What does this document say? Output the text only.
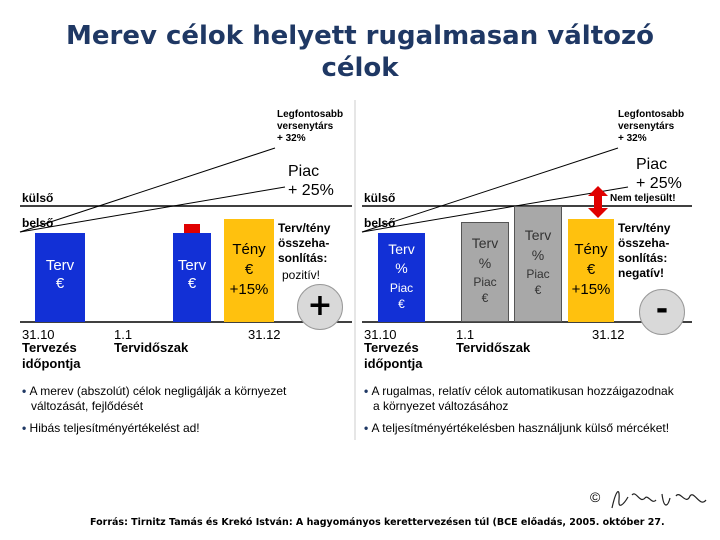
Merev célok helyett rugalmasan változó
célok
Legfontosabb
versenytárs
+ 32%
Piac
+ 25%
külső
belső
Terv
€
Terv
€
Tény
€
+15%
Terv/tény
összeha-
sonlítás:
pozitív!
+
31.10	1.1	31.12
Tervezés
időpontja
Tervidőszak
• A merev (abszolút) célok negligálják a környezet
változását, fejlődését
• Hibás teljesítményértékelést ad!
Legfontosabb
versenytárs
+ 32%
Piac
+ 25%
Nem teljesült!
külső
belső
Terv
%
Piac
€
Terv
%
Piac
€
Terv
%
Piac
€
Tény
€
+15%
Terv/tény
összeha-
sonlítás:
negatív!
-
31.10	1.1	31.12
Tervezés
időpontja
Tervidőszak
• A rugalmas, relatív célok automatikusan hozzáigazodnak
a környezet változásához
• A teljesítményértékelésben használjunk külső mércéket!
©
Forrás: Tirnitz Tamás és Krekó István: A hagyományos kerettervezésen túl (BCE előadás, 2005. október 27.
